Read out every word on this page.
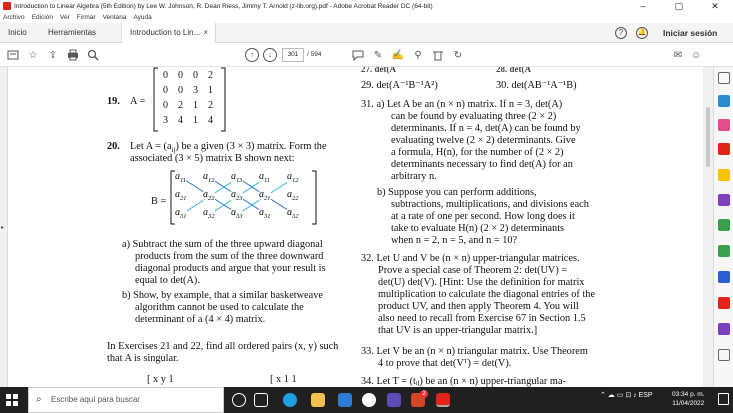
Introduction to Linear Algebra (5th Edition) by Lee W. Johnson, R. Dean Riess, Jimmy T. Arnold (z-lib.org).pdf - Adobe Acrobat Reader DC (64-bit)	–	▢	✕
Archivo Edición Ver Firmar Ventana Ayuda
Inicio	Herramientas	Introduction to Lin... ×	?	🔔 Iniciar sesión
☆	⇪	↑	↓	301	/ 594	✎ ✍	⚲	↻	✉ ☺
▸
19. A =
20. Let $A = (a_{ij})$ be a given (3 × 3) matrix. Form the
associated (3 × 5) matrix B shown next:
B =
a) Subtract the sum of the three upward diagonal
products from the sum of the three downward
diagonal products and argue that your result is
equal to det(A).
b) Show, by example, that a similar basketweave
algorithm cannot be used to calculate the
determinant of a (4 × 4) matrix.
In Exercises 21 and 22, find all ordered pairs (x, y) such
that A is singular.
[ x y 1	[ x 1 1
27. det(A	28. det(A
29. det(A⁻¹B⁻¹A²)	30. det(AB⁻¹A⁻¹B)
31. a) Let A be an (n × n) matrix. If n = 3, det(A)
can be found by evaluating three (2 × 2)
determinants. If n = 4, det(A) can be found by
evaluating twelve (2 × 2) determinants. Give
a formula, H(n), for the number of (2 × 2)
determinants necessary to find det(A) for an
arbitrary n.
b) Suppose you can perform additions,
subtractions, multiplications, and divisions each
at a rate of one per second. How long does it
take to evaluate H(n) (2 × 2) determinants
when n = 2, n = 5, and n = 10?
32. Let U and V be (n × n) upper-triangular matrices.
Prove a special case of Theorem 2: det(UV) =
det(U) det(V). [Hint: Use the definition for matrix
multiplication to calculate the diagonal entries of the
product UV, and then apply Theorem 4. You will
also need to recall from Exercise 67 in Section 1.5
that UV is an upper-triangular matrix.]
33. Let V be an (n × n) triangular matrix. Use Theorem
4 to prove that det(Vᵀ) = det(V).
34. Let T = (tᵢⱼ) be an (n × n) upper-triangular ma-
0 0 0 2
0 0 3 1
0 2 1 2
3 4 1 4
$a_{11}$ $a_{12}$ $a_{13}$ $a_{11}$ $a_{12}$
$a_{21}$ $a_{22}$ $a_{23}$ $a_{21}$ $a_{22}$
$a_{31}$ $a_{32}$ $a_{33}$ $a_{31}$ $a_{32}$
⌕ Escribe aquí para buscar
2	⌃ ☁ ▭ ⊡ ♪ ESP	03:34 p. m.
11/04/2022
